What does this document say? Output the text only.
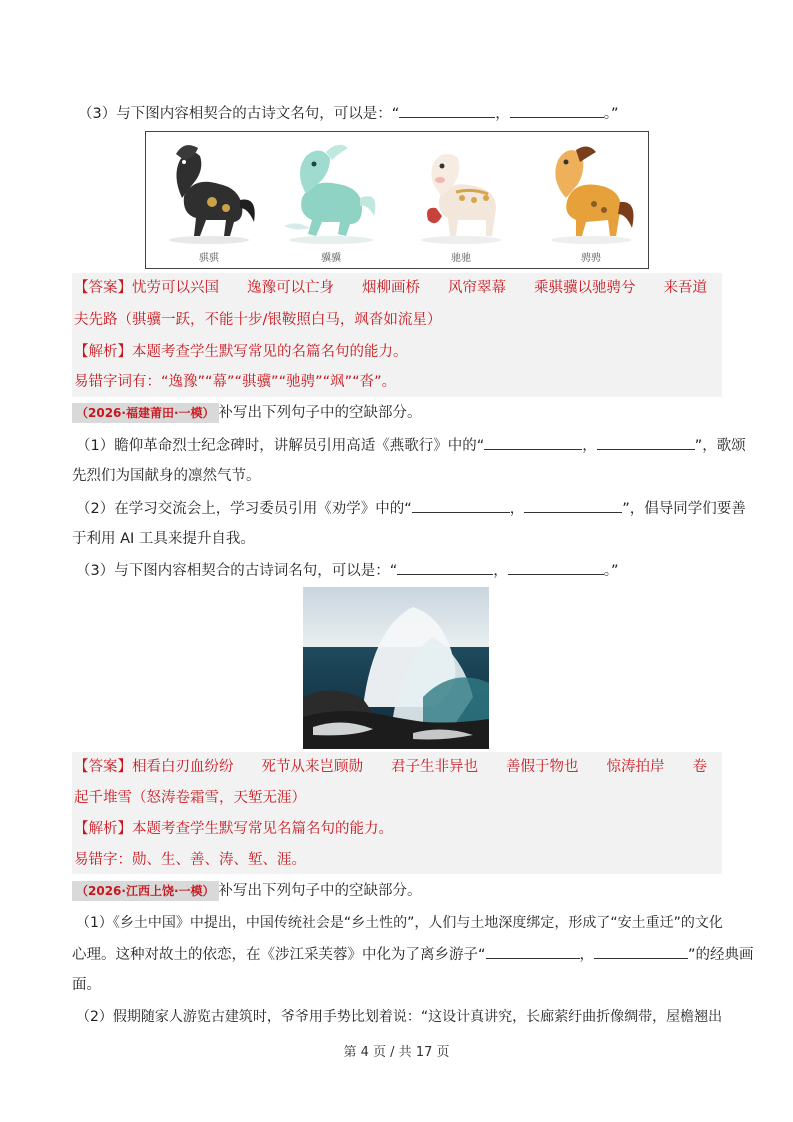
（3）与下图内容相契合的古诗文名句，可以是：“	，	。”
骐骐	骥骥	驰驰	骋骋
【答案】忧劳可以兴国 逸豫可以亡身 烟柳画桥 风帘翠幕 乘骐骥以驰骋兮 来吾道
夫先路（骐骥一跃，不能十步/银鞍照白马，飒沓如流星）
【解析】本题考查学生默写常见的名篇名句的能力。
易错字词有：“逸豫”“幕”“骐骥”“驰骋”“飒”“沓”。
（2026·福建莆田·一模） 补写出下列句子中的空缺部分。
（1）瞻仰革命烈士纪念碑时，讲解员引用高适《燕歌行》中的“	，	”，歌颂
先烈们为国献身的凛然气节。
（2）在学习交流会上，学习委员引用《劝学》中的“	，	”，倡导同学们要善
于利用 AI 工具来提升自我。
（3）与下图内容相契合的古诗词名句，可以是：“	，	。”
【答案】相看白刃血纷纷 死节从来岂顾勋 君子生非异也 善假于物也 惊涛拍岸 卷
起千堆雪（怒涛卷霜雪，天堑无涯）
【解析】本题考查学生默写常见名篇名句的能力。
易错字：勋、生、善、涛、堑、涯。
（2026·江西上饶·一模） 补写出下列句子中的空缺部分。
（1）《乡土中国》中提出，中国传统社会是“乡土性的”，人们与土地深度绑定，形成了“安土重迁”的文化
心理。这种对故土的依恋，在《涉江采芙蓉》中化为了离乡游子“	，	”的经典画
面。
（2）假期随家人游览古建筑时，爷爷用手势比划着说：“这设计真讲究，长廊萦纡曲折像绸带，屋檐翘出
第 4 页 / 共 17 页
